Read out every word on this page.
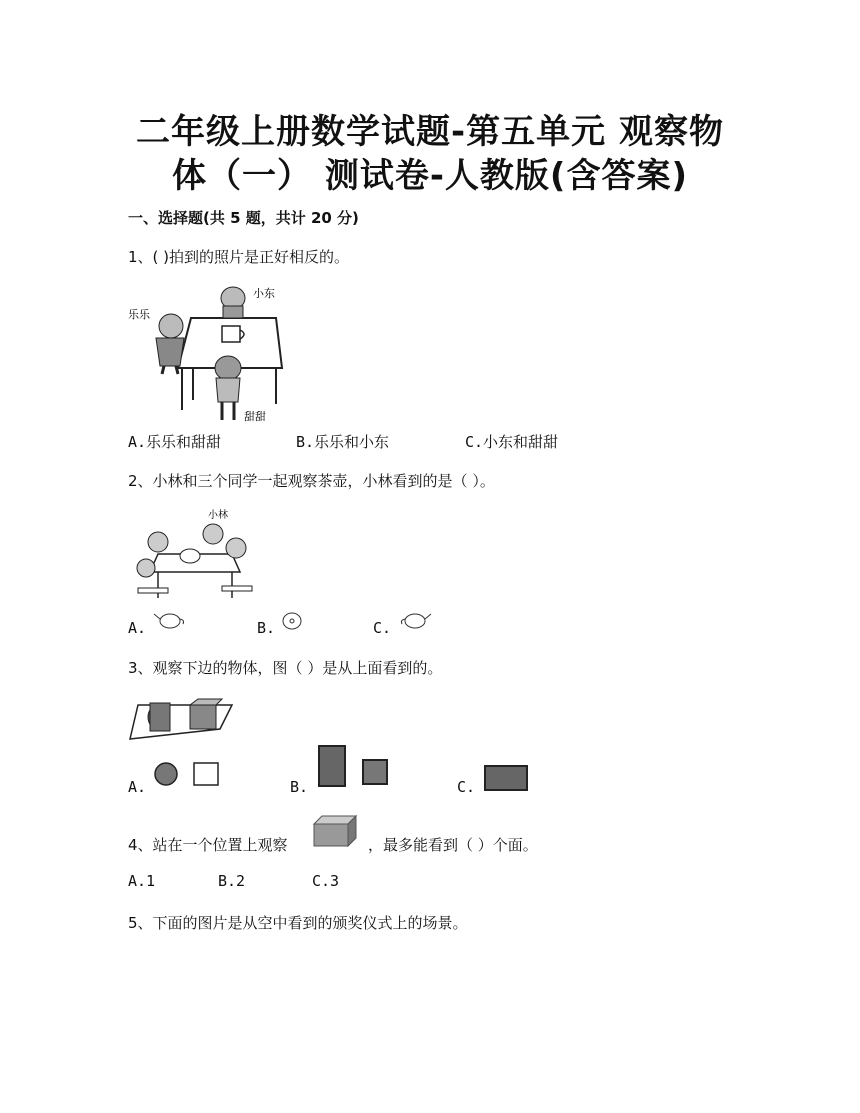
二年级上册数学试题-第五单元 观察物
体（一） 测试卷-人教版(含答案)
一、选择题(共 5 题，共计 20 分)
1、( )拍到的照片是正好相反的。
小东
乐乐
甜甜
A.乐乐和甜甜	B.乐乐和小东	C.小东和甜甜
2、小林和三个同学一起观察茶壶，小林看到的是（ ）。
小林
A.	B.	C.
3、观察下边的物体，图（ ）是从上面看到的。
A.	B.	C.
4、站在一个位置上观察	，最多能看到（ ）个面。
A.1	B.2	C.3
5、下面的图片是从空中看到的颁奖仪式上的场景。
